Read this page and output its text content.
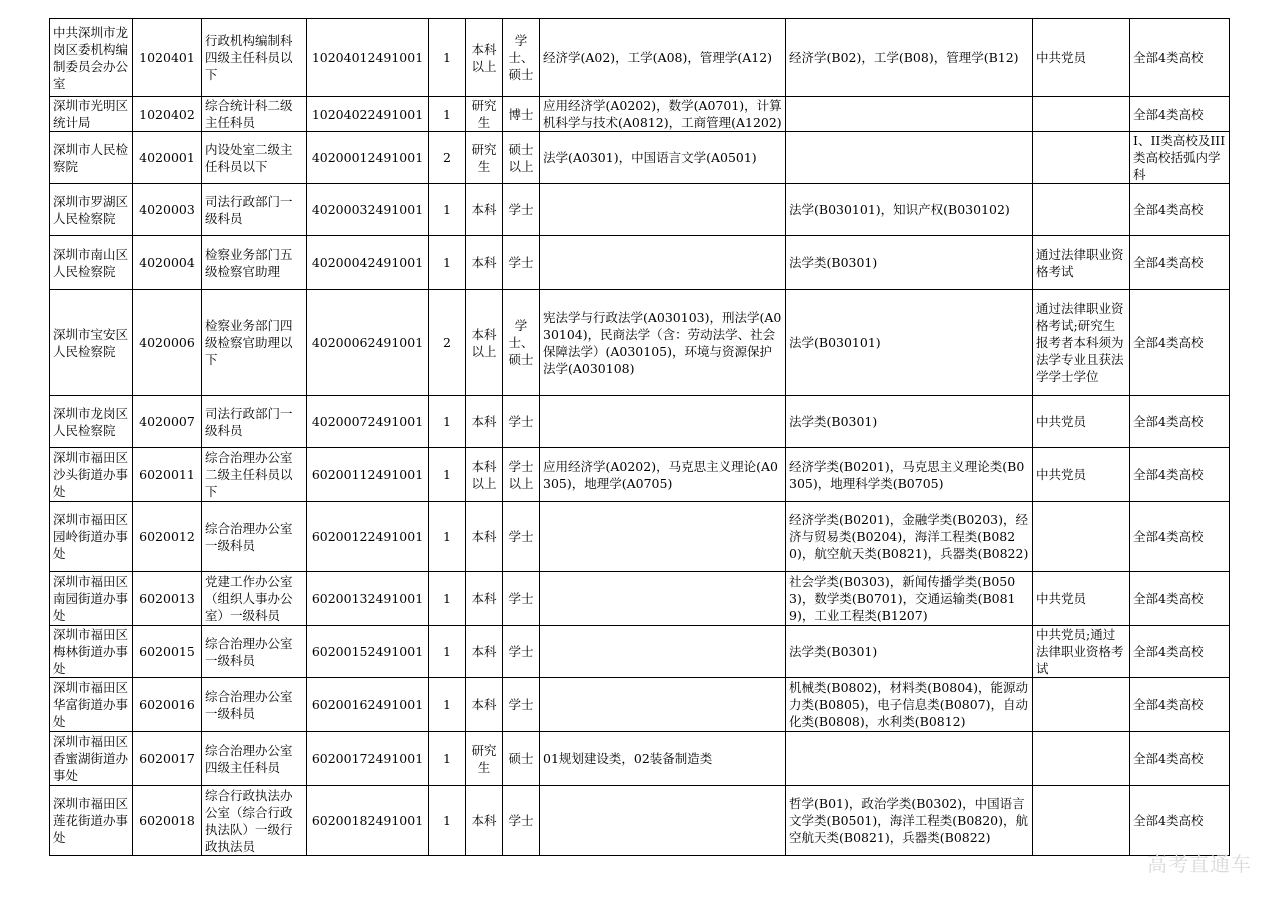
中共深圳市龙岗区委机构编制委员会办公室	1020401	行政机构编制科四级主任科员以下	10204012491001	1	本科以上	学士、硕士	经济学(A02)，工学(A08)，管理学(A12)	经济学(B02)，工学(B08)，管理学(B12)	中共党员	全部4类高校
深圳市光明区统计局	1020402	综合统计科二级主任科员	10204022491001	1	研究生	博士	应用经济学(A0202)，数学(A0701)，计算机科学与技术(A0812)，工商管理(A1202)			全部4类高校
深圳市人民检察院	4020001	内设处室二级主任科员以下	40200012491001	2	研究生	硕士以上	法学(A0301)，中国语言文学(A0501)			I、II类高校及III类高校括弧内学科
深圳市罗湖区人民检察院	4020003	司法行政部门一级科员	40200032491001	1	本科	学士		法学(B030101)，知识产权(B030102)		全部4类高校
深圳市南山区人民检察院	4020004	检察业务部门五级检察官助理	40200042491001	1	本科	学士		法学类(B0301)	通过法律职业资格考试	全部4类高校
深圳市宝安区人民检察院	4020006	检察业务部门四级检察官助理以下	40200062491001	2	本科以上	学士、硕士	宪法学与行政法学(A030103)，刑法学(A030104)，民商法学（含：劳动法学、社会保障法学）(A030105)，环境与资源保护法学(A030108)	法学(B030101)	通过法律职业资格考试;研究生报考者本科须为法学专业且获法学学士学位	全部4类高校
深圳市龙岗区人民检察院	4020007	司法行政部门一级科员	40200072491001	1	本科	学士		法学类(B0301)	中共党员	全部4类高校
深圳市福田区沙头街道办事处	6020011	综合治理办公室二级主任科员以下	60200112491001	1	本科以上	学士以上	应用经济学(A0202)，马克思主义理论(A0305)，地理学(A0705)	经济学类(B0201)，马克思主义理论类(B0305)，地理科学类(B0705)	中共党员	全部4类高校
深圳市福田区园岭街道办事处	6020012	综合治理办公室一级科员	60200122491001	1	本科	学士		经济学类(B0201)，金融学类(B0203)，经济与贸易类(B0204)，海洋工程类(B0820)，航空航天类(B0821)，兵器类(B0822)		全部4类高校
深圳市福田区南园街道办事处	6020013	党建工作办公室（组织人事办公室）一级科员	60200132491001	1	本科	学士		社会学类(B0303)，新闻传播学类(B0503)，数学类(B0701)，交通运输类(B0819)，工业工程类(B1207)	中共党员	全部4类高校
深圳市福田区梅林街道办事处	6020015	综合治理办公室一级科员	60200152491001	1	本科	学士		法学类(B0301)	中共党员;通过法律职业资格考试	全部4类高校
深圳市福田区华富街道办事处	6020016	综合治理办公室一级科员	60200162491001	1	本科	学士		机械类(B0802)，材料类(B0804)，能源动力类(B0805)，电子信息类(B0807)，自动化类(B0808)，水利类(B0812)		全部4类高校
深圳市福田区香蜜湖街道办事处	6020017	综合治理办公室四级主任科员	60200172491001	1	研究生	硕士	01规划建设类，02装备制造类			全部4类高校
深圳市福田区莲花街道办事处	6020018	综合行政执法办公室（综合行政执法队）一级行政执法员	60200182491001	1	本科	学士		哲学(B01)，政治学类(B0302)，中国语言文学类(B0501)，海洋工程类(B0820)，航空航天类(B0821)，兵器类(B0822)		全部4类高校
高考直通车
